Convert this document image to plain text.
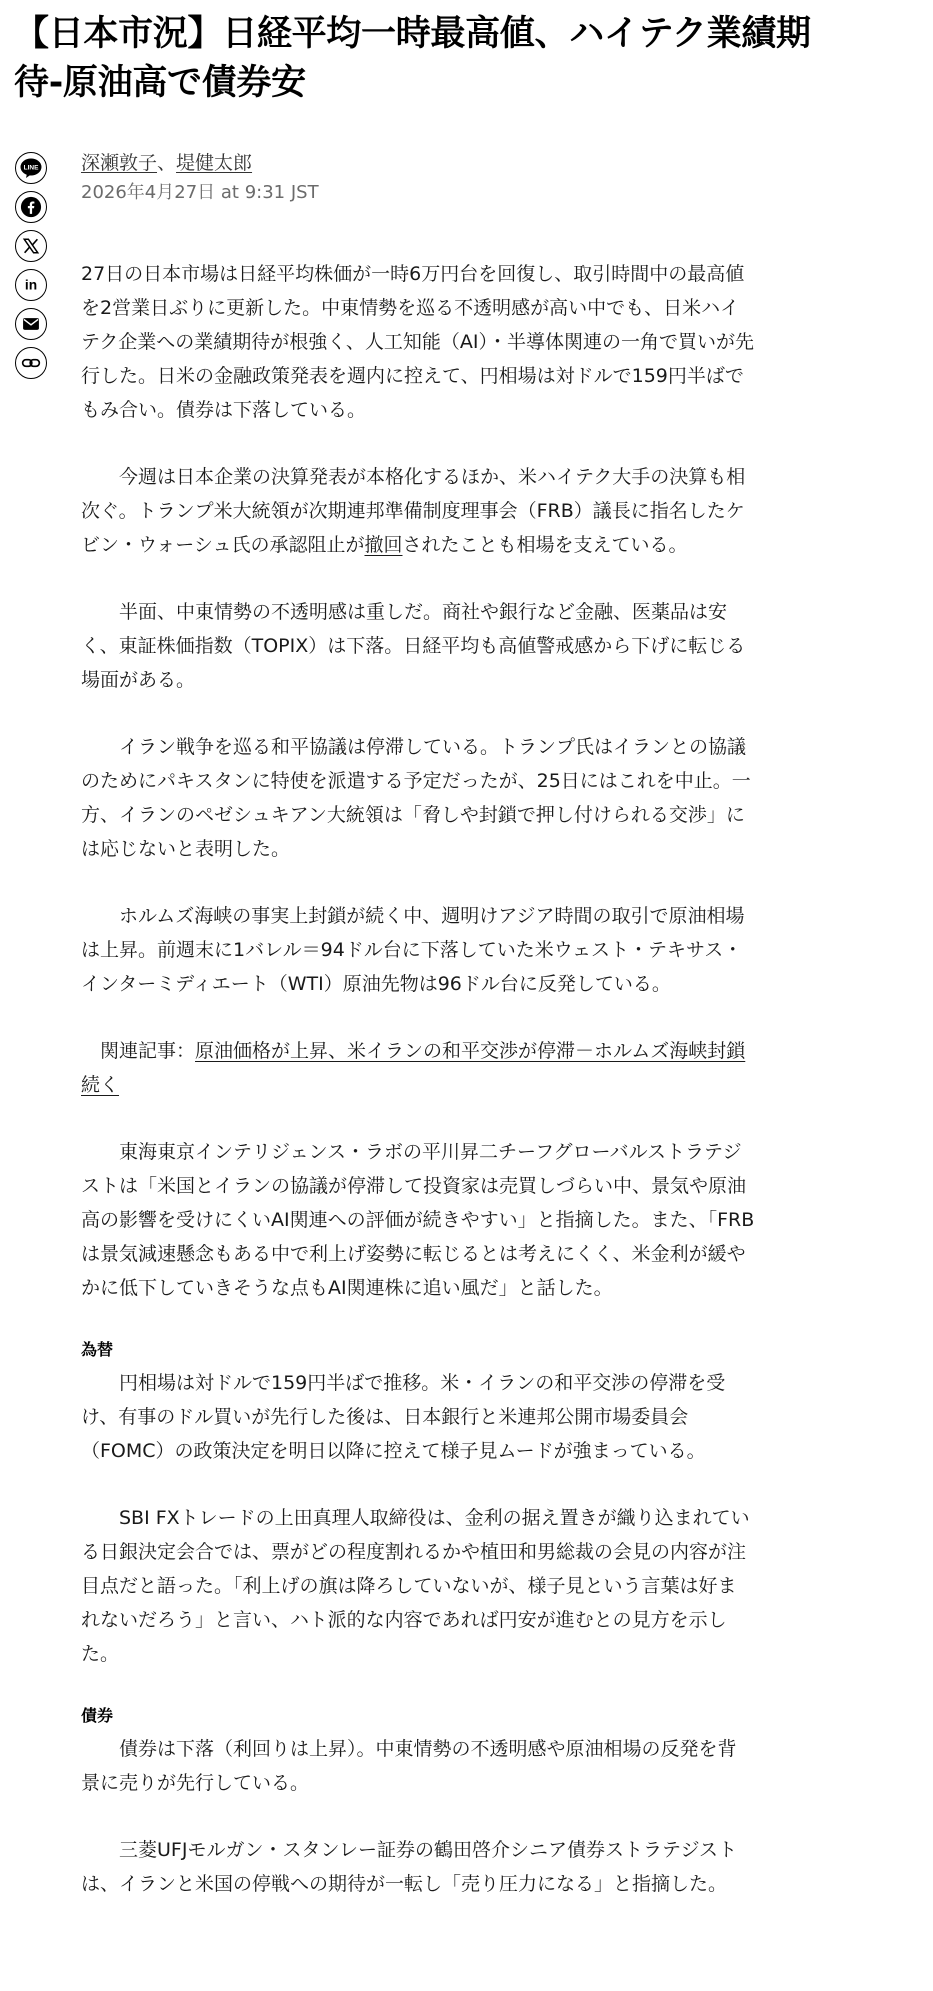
【日本市況】日経平均一時最高値、ハイテク業績期待-原油高で債券安
LINE
in
深瀬敦子、堤健太郎
2026年4月27日 at 9:31 JST

27日の日本市場は日経平均株価が一時6万円台を回復し、取引時間中の最高値を2営業日ぶりに更新した。中東情勢を巡る不透明感が高い中でも、日米ハイテク企業への業績期待が根強く、人工知能（AI）・半導体関連の一角で買いが先行した。日米の金融政策発表を週内に控えて、円相場は対ドルで159円半ばでもみ合い。債券は下落している。

今週は日本企業の決算発表が本格化するほか、米ハイテク大手の決算も相次ぐ。トランプ米大統領が次期連邦準備制度理事会（FRB）議長に指名したケビン・ウォーシュ氏の承認阻止が撤回されたことも相場を支えている。

半面、中東情勢の不透明感は重しだ。商社や銀行など金融、医薬品は安く、東証株価指数（TOPIX）は下落。日経平均も高値警戒感から下げに転じる場面がある。

イラン戦争を巡る和平協議は停滞している。トランプ氏はイランとの協議のためにパキスタンに特使を派遣する予定だったが、25日にはこれを中止。一方、イランのペゼシュキアン大統領は「脅しや封鎖で押し付けられる交渉」には応じないと表明した。

ホルムズ海峡の事実上封鎖が続く中、週明けアジア時間の取引で原油相場は上昇。前週末に1バレル＝94ドル台に下落していた米ウェスト・テキサス・インターミディエート（WTI）原油先物は96ドル台に反発している。

関連記事：原油価格が上昇、米イランの和平交渉が停滞－ホルムズ海峡封鎖続く

東海東京インテリジェンス・ラボの平川昇二チーフグローバルストラテジストは「米国とイランの協議が停滞して投資家は売買しづらい中、景気や原油高の影響を受けにくいAI関連への評価が続きやすい」と指摘した。また、「FRBは景気減速懸念もある中で利上げ姿勢に転じるとは考えにくく、米金利が緩やかに低下していきそうな点もAI関連株に追い風だ」と話した。

為替

円相場は対ドルで159円半ばで推移。米・イランの和平交渉の停滞を受け、有事のドル買いが先行した後は、日本銀行と米連邦公開市場委員会（FOMC）の政策決定を明日以降に控えて様子見ムードが強まっている。

SBI FXトレードの上田真理人取締役は、金利の据え置きが織り込まれている日銀決定会合では、票がどの程度割れるかや植田和男総裁の会見の内容が注目点だと語った。「利上げの旗は降ろしていないが、様子見という言葉は好まれないだろう」と言い、ハト派的な内容であれば円安が進むとの見方を示した。

債券

債券は下落（利回りは上昇）。中東情勢の不透明感や原油相場の反発を背景に売りが先行している。

三菱UFJモルガン・スタンレー証券の鶴田啓介シニア債券ストラテジストは、イランと米国の停戦への期待が一転し「売り圧力になる」と指摘した。
